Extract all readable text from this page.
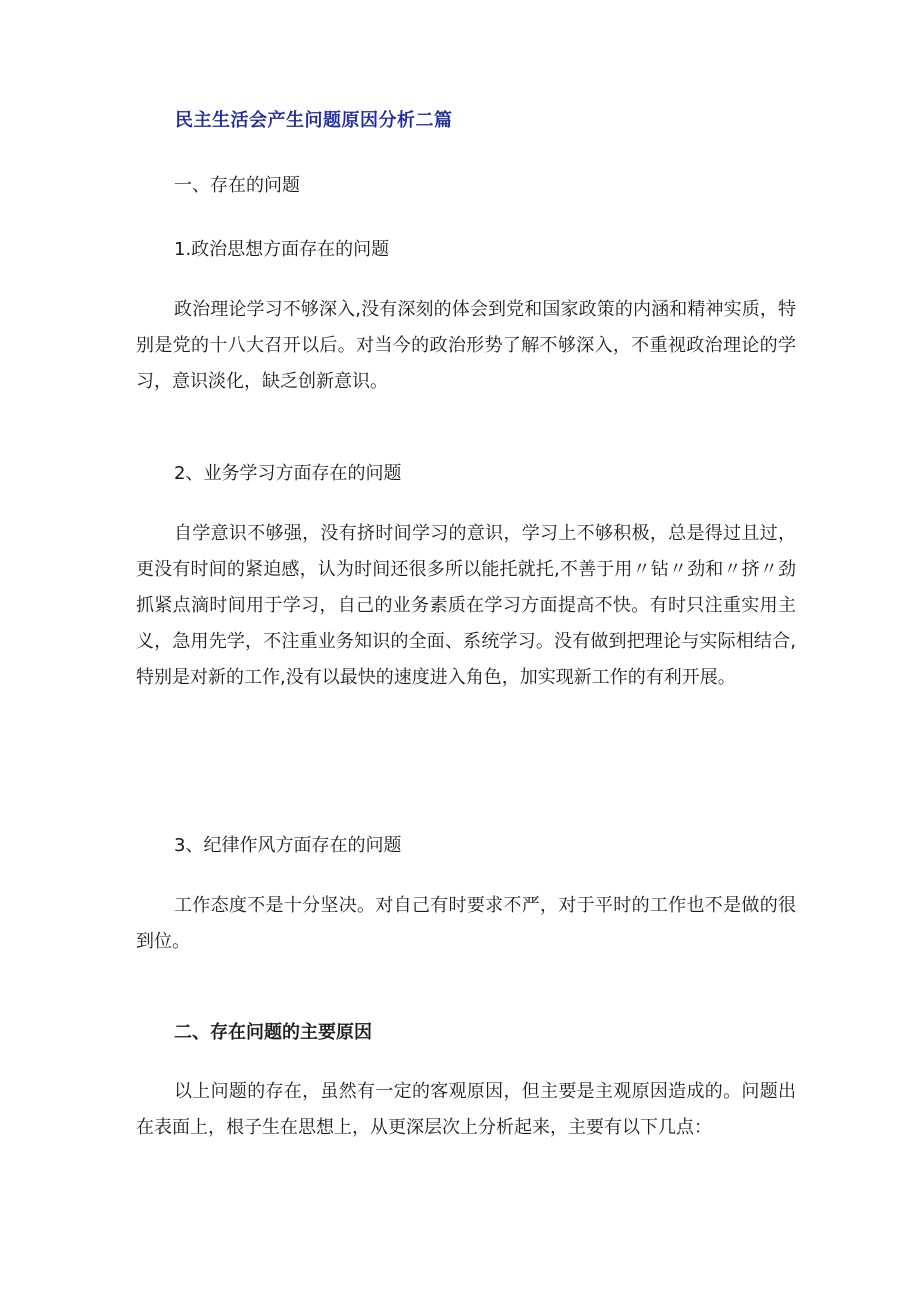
民主生活会产生问题原因分析二篇
一、存在的问题
1.政治思想方面存在的问题
政治理论学习不够深入,没有深刻的体会到党和国家政策的内涵和精神实质，特别是党的十八大召开以后。对当今的政治形势了解不够深入，不重视政治理论的学习，意识淡化，缺乏创新意识。
2、业务学习方面存在的问题
自学意识不够强，没有挤时间学习的意识，学习上不够积极，总是得过且过，更没有时间的紧迫感，认为时间还很多所以能托就托,不善于用〃钻〃劲和〃挤〃劲抓紧点滴时间用于学习，自己的业务素质在学习方面提高不快。有时只注重实用主义，急用先学，不注重业务知识的全面、系统学习。没有做到把理论与实际相结合,特别是对新的工作,没有以最快的速度进入角色，加实现新工作的有利开展。
3、纪律作风方面存在的问题
工作态度不是十分坚决。对自己有时要求不严，对于平时的工作也不是做的很到位。
二、存在问题的主要原因
以上问题的存在，虽然有一定的客观原因，但主要是主观原因造成的。问题出在表面上，根子生在思想上，从更深层次上分析起来，主要有以下几点：
